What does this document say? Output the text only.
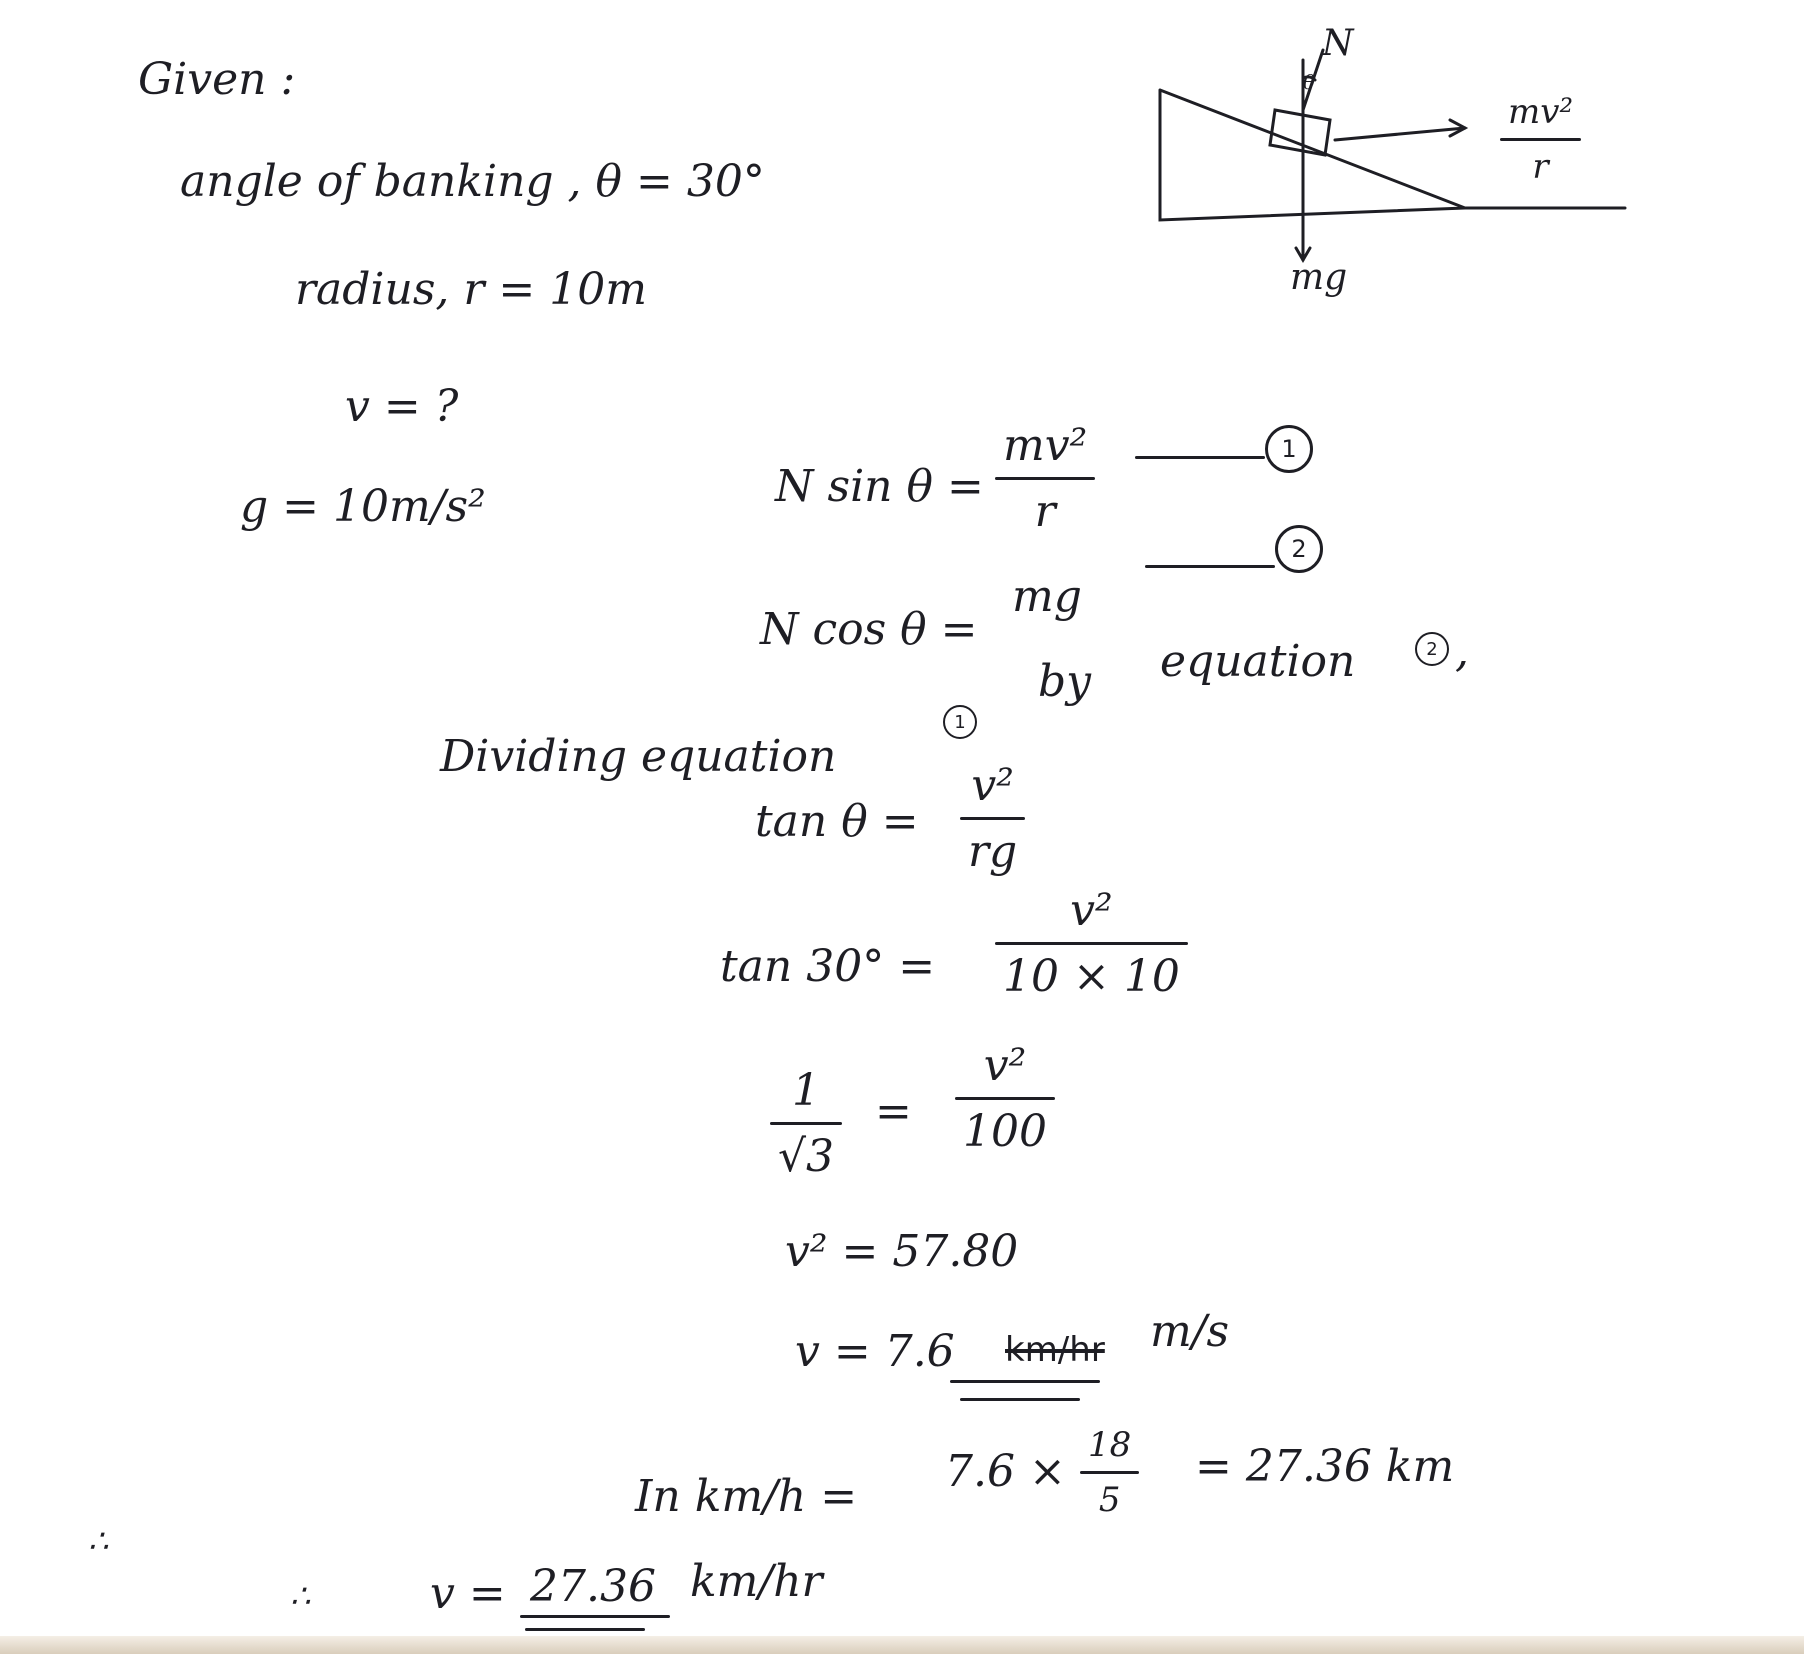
Given :
angle of banking , θ = 30°
radius, r = 10m
v = ?
g = 10m/s²
N
θ
mv²
r
mg
N sin θ =
mv²
r
1
N cos θ =
mg
2
Dividing equation
1
by equation	2 ,
tan θ =
v²
rg
tan 30° =
v²
10 × 10
1
√3
=
v²
100
v² = 57.80
v = 7.6 km/hr m/s
In km/h = 7.6 ×
18
5
= 27.36 km
∴
∴	v = 27.36 km/hr
